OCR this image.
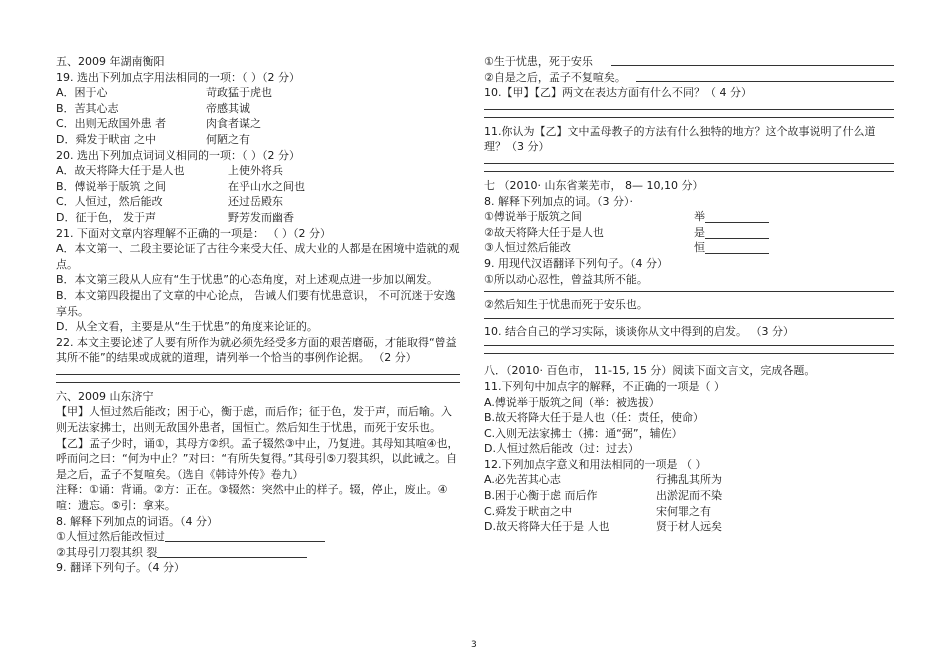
五、2009 年湖南衡阳
19. 选出下列加点字用法相同的一项：（ ）（2 分）
A．困于心	苛政猛于虎也
B．苦其心志	帝感其诚
C．出则无敌国外患 者	肉食者谋之
D．舜发于畎亩 之中	何陋之有
20. 选出下列加点词词义相同的一项：（ ）（2 分）
A．故天将降大任于是人也	上使外将兵
B．傅说举于版筑 之间	在乎山水之间也
C．人恒过，然后能改	还过岳殿东
D．征于色， 发于声	野芳发而幽香
21. 下面对文章内容理解不正确的一项是： （ ）（2 分）
A．本文第一、二段主要论证了古往今来受大任、成大业的人都是在困境中造就的观点。
B．本文第三段从人应有“生于忧患”的心态角度，对上述观点进一步加以阐发。
B．本文第四段提出了文章的中心论点， 告诫人们要有忧患意识， 不可沉迷于安逸享乐。
D．从全文看，主要是从“生于忧患”的角度来论证的。
22. 本文主要论述了人要有所作为就必须先经受多方面的艰苦磨砺，才能取得“曾益其所不能”的结果或成就的道理，请列举一个恰当的事例作论据。 （2 分）
六、2009 山东济宁
【甲】人恒过然后能改；困于心，衡于虑，而后作；征于色，发于声，而后喻。入则无法家拂士，出则无敌国外患者，国恒亡。然后知生于忧患，而死于安乐也。
【乙】孟子少时，诵①，其母方②织。孟子辍然③中止，乃复进。其母知其喧④也，呼而问之曰：“何为中止？”对曰：“有所失复得。”其母引⑤刀裂其织，以此诫之。自是之后，孟子不复喧矣。（选自《韩诗外传》卷九）
注释：①诵：背诵。②方：正在。③辍然：突然中止的样子。辍，停止，废止。④喧：遗忘。⑤引：拿来。
8. 解释下列加点的词语。（4 分）
①人恒过然后能改恒过
②其母引刀裂其织 裂
9. 翻译下列句子。（4 分）
①生于忧患，死于安乐
②自是之后，孟子不复喧矣。
10.【甲】【乙】两文在表达方面有什么不同？（ 4 分）
11.你认为【乙】文中孟母教子的方法有什么独特的地方？这个故事说明了什么道理？（3 分）
七 （2010· 山东省莱芜市， 8— 10,10 分）
8. 解释下列加点的词。（3 分）·
①傅说举于版筑之间	举
②故天将降大任于是人也	是
③人恒过然后能改	恒
9. 用现代汉语翻译下列句子。（4 分）
①所以动心忍性，曾益其所不能。
②然后知生于忧患而死于安乐也。
10. 结合自己的学习实际，谈谈你从文中得到的启发。 （3 分）
八．（2010· 百色市， 11-15, 15 分）阅读下面文言文，完成各题。
11.下列句中加点字的解释，不正确的一项是（ ）
A.傅说举于版筑之间（举：被选拔）
B.故天将降大任于是人也（任：责任，使命）
C.入则无法家拂士（拂：通“弼”，辅佐）
D.人恒过然后能改（过：过去）
12.下列加点字意义和用法相同的一项是 （ ）
A.必先苦其心志	行拂乱其所为
B.困于心衡于虑 而后作	出淤泥而不染
C.舜发于畎亩之中	宋何罪之有
D.故天将降大任于是 人也	贤于材人远矣
3
